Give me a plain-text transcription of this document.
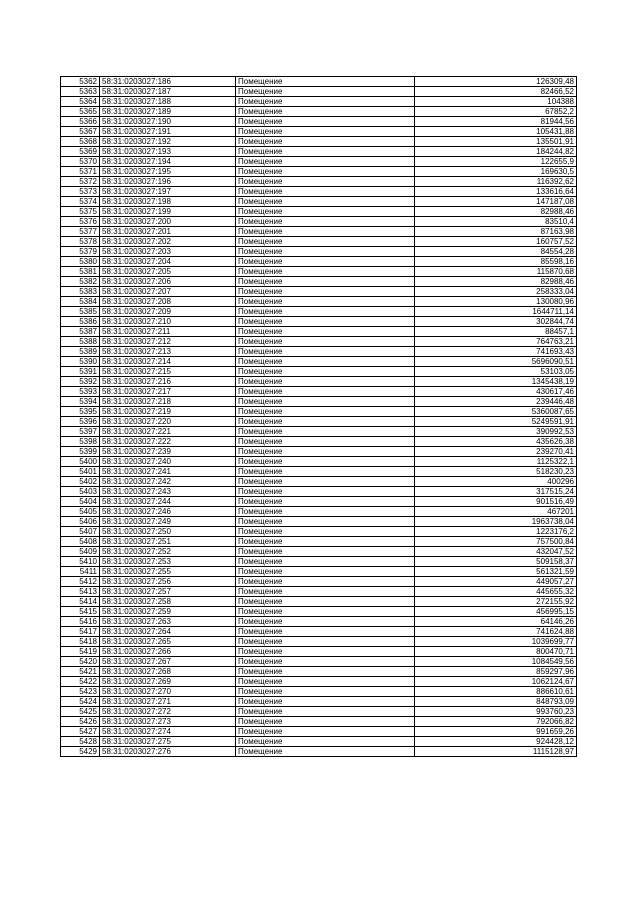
5362	58:31:0203027:186	Помещение	126309,48
5363	58:31:0203027:187	Помещение	82466,52
5364	58:31:0203027:188	Помещение	104388
5365	58:31:0203027:189	Помещение	67852,2
5366	58:31:0203027:190	Помещение	81944,56
5367	58:31:0203027:191	Помещение	105431,88
5368	58:31:0203027:192	Помещение	135501,91
5369	58:31:0203027:193	Помещение	184244,82
5370	58:31:0203027:194	Помещение	122655,9
5371	58:31:0203027:195	Помещение	169630,5
5372	58:31:0203027:196	Помещение	116392,62
5373	58:31:0203027:197	Помещение	133616,64
5374	58:31:0203027:198	Помещение	147187,08
5375	58:31:0203027:199	Помещение	82988,46
5376	58:31:0203027:200	Помещение	83510,4
5377	58:31:0203027:201	Помещение	87163,98
5378	58:31:0203027:202	Помещение	160757,52
5379	58:31:0203027:203	Помещение	84554,28
5380	58:31:0203027:204	Помещение	85598,16
5381	58:31:0203027:205	Помещение	115870,68
5382	58:31:0203027:206	Помещение	82988,46
5383	58:31:0203027:207	Помещение	258333,04
5384	58:31:0203027:208	Помещение	130080,96
5385	58:31:0203027:209	Помещение	1644711,14
5386	58:31:0203027:210	Помещение	302844,74
5387	58:31:0203027:211	Помещение	88457,1
5388	58:31:0203027:212	Помещение	764763,21
5389	58:31:0203027:213	Помещение	741693,43
5390	58:31:0203027:214	Помещение	5696090,51
5391	58:31:0203027:215	Помещение	53103,05
5392	58:31:0203027:216	Помещение	1345438,19
5393	58:31:0203027:217	Помещение	430617,46
5394	58:31:0203027:218	Помещение	239446,48
5395	58:31:0203027:219	Помещение	5360087,65
5396	58:31:0203027:220	Помещение	5249591,91
5397	58:31:0203027:221	Помещение	390992,53
5398	58:31:0203027:222	Помещение	435626,38
5399	58:31:0203027:239	Помещение	239270,41
5400	58:31:0203027:240	Помещение	1125322,1
5401	58:31:0203027:241	Помещение	518230,23
5402	58:31:0203027:242	Помещение	400296
5403	58:31:0203027:243	Помещение	317515,24
5404	58:31:0203027:244	Помещение	901516,49
5405	58:31:0203027:246	Помещение	467201
5406	58:31:0203027:249	Помещение	1963738,04
5407	58:31:0203027:250	Помещение	1223176,2
5408	58:31:0203027:251	Помещение	757500,84
5409	58:31:0203027:252	Помещение	432047,52
5410	58:31:0203027:253	Помещение	509158,37
5411	58:31:0203027:255	Помещение	561321,59
5412	58:31:0203027:256	Помещение	449057,27
5413	58:31:0203027:257	Помещение	445655,32
5414	58:31:0203027:258	Помещение	272155,92
5415	58:31:0203027:259	Помещение	456995,15
5416	58:31:0203027:263	Помещение	64146,26
5417	58:31:0203027:264	Помещение	741624,88
5418	58:31:0203027:265	Помещение	1039699,77
5419	58:31:0203027:266	Помещение	800470,71
5420	58:31:0203027:267	Помещение	1084549,56
5421	58:31:0203027:268	Помещение	859297,96
5422	58:31:0203027:269	Помещение	1062124,67
5423	58:31:0203027:270	Помещение	886610,61
5424	58:31:0203027:271	Помещение	848793,09
5425	58:31:0203027:272	Помещение	993760,23
5426	58:31:0203027:273	Помещение	792066,82
5427	58:31:0203027:274	Помещение	991659,26
5428	58:31:0203027:275	Помещение	924428,12
5429	58:31:0203027:276	Помещение	1115128,97
